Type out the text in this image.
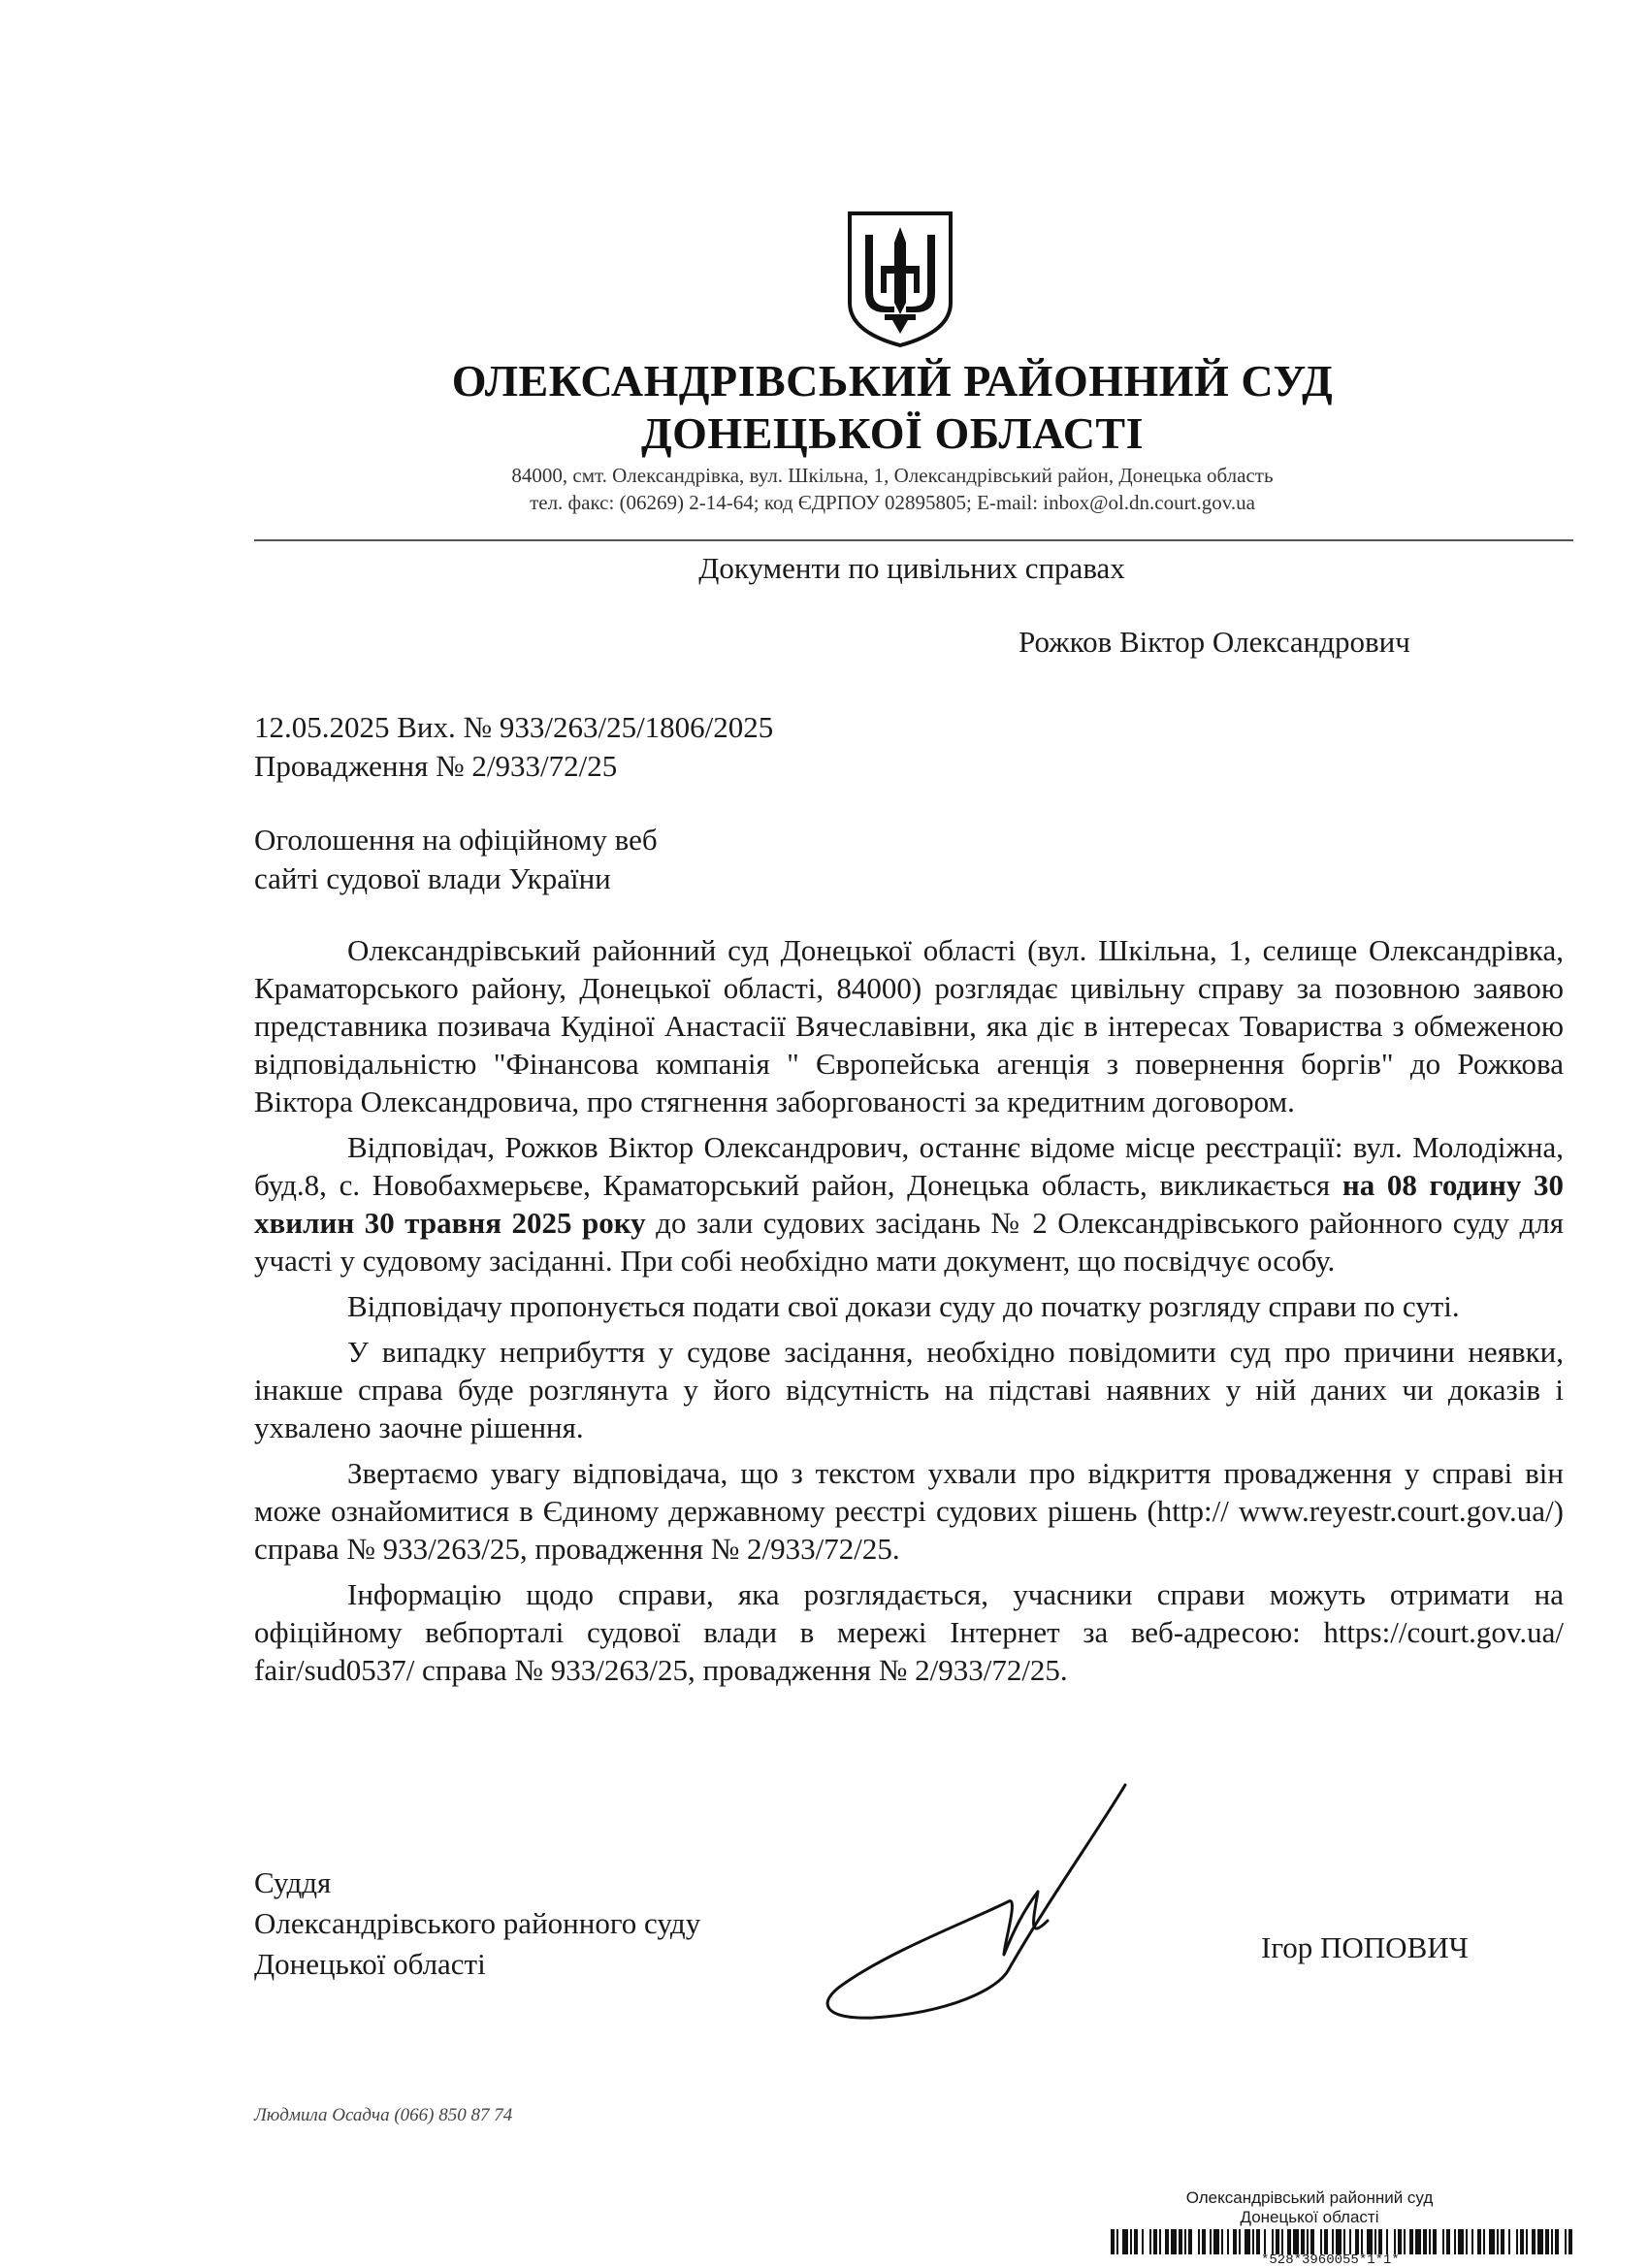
ОЛЕКСАНДРІВСЬКИЙ РАЙОННИЙ СУД
ДОНЕЦЬКОЇ ОБЛАСТІ
84000, смт. Олександрівка, вул. Шкільна, 1, Олександрівський район, Донецька область
тел. факс: (06269) 2-14-64; код ЄДРПОУ 02895805; E-mail: inbox@ol.dn.court.gov.ua
Документи по цивільних справах
Рожков Віктор Олександрович
12.05.2025 Вих. № 933/263/25/1806/2025
Провадження № 2/933/72/25
Оголошення на офіційному веб
сайті судової влади України

Олександрівський районний суд Донецької області (вул. Шкільна, 1, селище Олександрівка, Краматорського району, Донецької області, 84000) розглядає цивільну справу за позовною заявою представника позивача Кудіної Анастасії Вячеславівни, яка діє в інтересах Товариства з обмеженою відповідальністю "Фінансова компанія " Європейська агенція з повернення боргів" до Рожкова Віктора Олександровича, про стягнення заборгованості за кредитним договором.

Відповідач, Рожков Віктор Олександрович, останнє відоме місце реєстрації: вул. Молодіжна, буд.8, с. Новобахмерьєве, Краматорський район, Донецька область, викликається на 08 годину 30 хвилин 30 травня 2025 року до зали судових засідань № 2 Олександрівського районного суду для участі у судовому засіданні. При собі необхідно мати документ, що посвідчує особу.

Відповідачу пропонується подати свої докази суду до початку розгляду справи по суті.

У випадку неприбуття у судове засідання, необхідно повідомити суд про причини неявки, інакше справа буде розглянута у його відсутність на підставі наявних у ній даних чи доказів і ухвалено заочне рішення.

Звертаємо увагу відповідача, що з текстом ухвали про відкриття провадження у справі він може ознайомитися в Єдиному державному реєстрі судових рішень (http:// www.reyestr.court.gov.ua/) справа № 933/263/25, провадження № 2/933/72/25.

Інформацію щодо справи, яка розглядається, учасники справи можуть отримати на офіційному вебпорталі судової влади в мережі Інтернет за веб-адресою: https://court.gov.ua/ fair/sud0537/ справа № 933/263/25, провадження № 2/933/72/25.

Суддя
Олександрівського районного суду
Донецької області	Ігор ПОПОВИЧ
Людмила Осадча (066) 850 87 74
Олександрівський районний суд
Донецької області
*528*3960055*1*1*
